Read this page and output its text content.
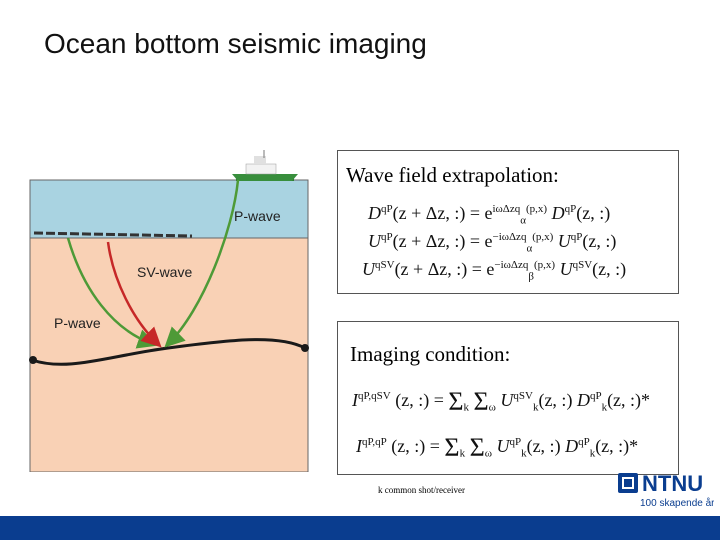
Ocean bottom seismic imaging
P-wave
SV-wave
P-wave
Wave field extrapolation:
$D^{qP}(z + \Delta z$, :) = $e^{i\omega\Delta zq}_\alpha^{(p,x)}$ $D^{qP}(z$, :)
$U^{qP}(z + \Delta z$, :) = $e^{-i\omega\Delta zq}_\alpha^{(p,x)}$ $U^{qP}(z$, :)
$U^{qSV}(z + \Delta z$, :) = $e^{-i\omega\Delta zq}_\beta^{(p,x)}$ $U^{qSV}(z$, :)
Imaging condition:
$I^{qP,qSV}$ (z, :) = $\Sigma_k$ $\Sigma_\omega$ $U^{qSV}_k(z$, :) $D^{qP}_k(z$, :)*
$I^{qP,qP}$ (z, :) = $\Sigma_k$ $\Sigma_\omega$ $U^{qP}_k(z$, :) $D^{qP}_k(z$, :)*
k common shot/receiver	NTNU
100 skapende år
